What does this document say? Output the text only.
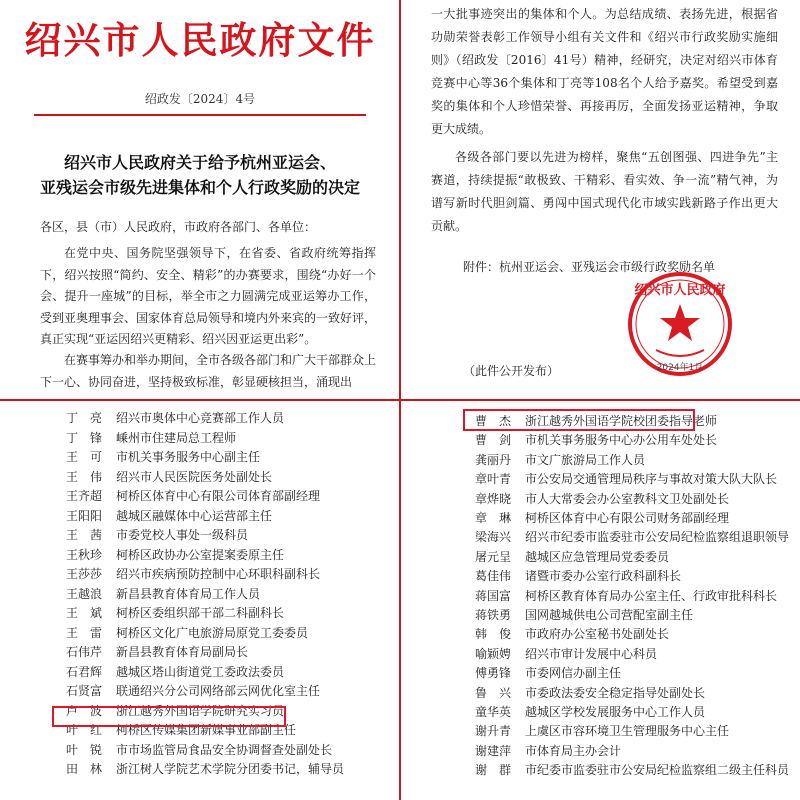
绍兴市人民政府文件
绍政发〔2024〕4号
绍兴市人民政府关于给予杭州亚运会、
亚残运会市级先进集体和个人行政奖励的决定
各区，县（市）人民政府，市政府各部门、各单位：
在党中央、国务院坚强领导下，在省委、省政府统筹指挥下，绍兴按照“简约、安全、精彩”的办赛要求，围绕“办好一个会、提升一座城”的目标，举全市之力圆满完成亚运筹办工作，受到亚奥理事会、国家体育总局领导和境内外来宾的一致好评，真正实现“亚运因绍兴更精彩、绍兴因亚运更出彩”。
在赛事筹办和举办期间，全市各级各部门和广大干部群众上下一心、协同奋进，坚持极致标准，彰显硬核担当，涌现出
一大批事迹突出的集体和个人。为总结成绩、表扬先进，根据省功勋荣誉表彰工作领导小组有关文件和《绍兴市行政奖励实施细则》（绍政发〔2016〕41号）精神，经研究，决定对绍兴市体育竞赛中心等36个集体和丁亮等108名个人给予嘉奖。希望受到嘉奖的集体和个人珍惜荣誉、再接再厉，全面发扬亚运精神，争取更大成绩。
各级各部门要以先进为榜样，聚焦“五创图强、四进争先”主赛道，持续提振“敢极致、干精彩、看实效、争一流”精气神，为谱写新时代胆剑篇、勇闯中国式现代化市域实践新路子作出更大贡献。
附件：杭州亚运会、亚残运会市级行政奖励名单
绍兴市人民政府
2024年1月
（此件公开发布）
丁　亮	绍兴市奥体中心竞赛部工作人员
丁　锋	嵊州市住建局总工程师
王　可	市机关事务服务中心副主任
王　伟	绍兴市人民医院医务处副处长
王齐超	柯桥区体育中心有限公司体育部副经理
王阳阳	越城区融媒体中心运营部主任
王　茜	市委党校人事处一级科员
王秋珍	柯桥区政协办公室提案委原主任
王莎莎	绍兴市疾病预防控制中心环职科副科长
王越浪	新昌县教育体育局工作人员
王　斌	柯桥区委组织部干部二科副科长
王　雷	柯桥区文化广电旅游局原党工委委员
石伟芹	新昌县教育体育局副局长
石君辉	越城区塔山街道党工委政法委员
石贤富	联通绍兴分公司网络部云网优化室主任
卢　波	浙江越秀外国语学院研究实习员
叶　红	柯桥区传媒集团新媒事业部副主任
叶　锐	市市场监管局食品安全协调督查处副处长
田　林	浙江树人学院艺术学院分团委书记，辅导员
曹　杰	浙江越秀外国语学院校团委指导老师
曹　剑	市机关事务服务中心办公用车处处长
龚丽丹	市文广旅游局工作人员
章叶青	市公安局交通管理局秩序与事故对策大队大队长
章烨晓	市人大常委会办公室教科文卫处副处长
章　琳	柯桥区体育中心有限公司财务部副经理
梁海兴	绍兴市纪委市监委驻市公安局纪检监察组退职领导
屠元呈	越城区应急管理局党委委员
葛佳伟	诸暨市委办公室行政科副科长
蒋国富	柯桥区教育体育局办公室主任、行政审批科科长
蒋铁勇	国网越城供电公司营配室副主任
韩　俊	市政府办公室秘书处副处长
喻颖娉	绍兴市审计发展中心科员
傅勇锋	市委网信办副主任
鲁　兴	市委政法委安全稳定指导处副处长
童华英	越城区学校发展服务中心工作人员
谢升青	上虞区市容环境卫生管理服务中心主任
谢建萍	市体育局主办会计
谢　群	市纪委市监委驻市公安局纪检监察组二级主任科员
